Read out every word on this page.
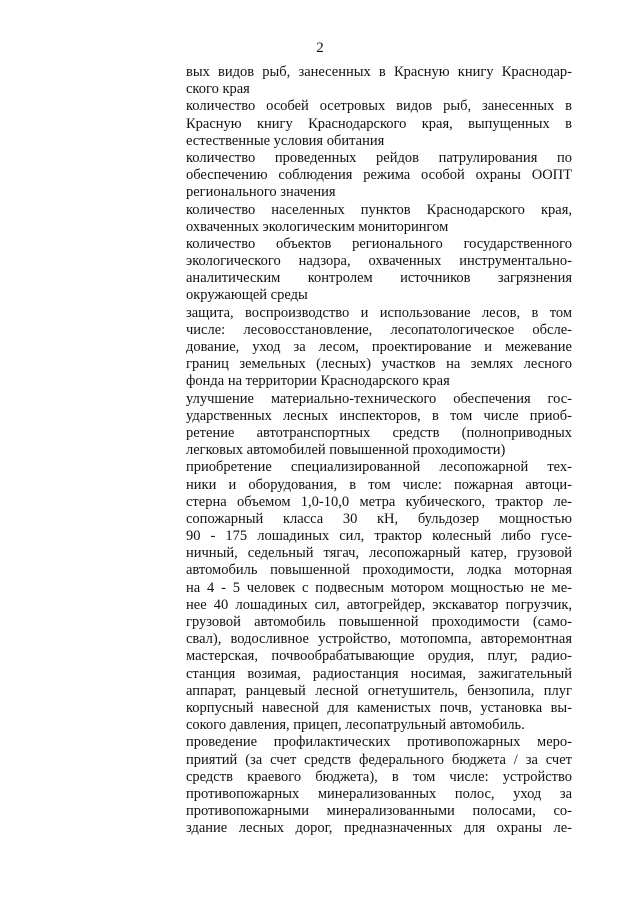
2
вых видов рыб, занесенных в Красную книгу Краснодар-
ского края
количество особей осетровых видов рыб, занесенных в
Красную книгу Краснодарского края, выпущенных в
естественные условия обитания
количество проведенных рейдов патрулирования по
обеспечению соблюдения режима особой охраны ООПТ
регионального значения
количество населенных пунктов Краснодарского края,
охваченных экологическим мониторингом
количество объектов регионального государственного
экологического надзора, охваченных инструментально-
аналитическим контролем источников загрязнения
окружающей среды
защита, воспроизводство и использование лесов, в том
числе: лесовосстановление, лесопатологическое обсле-
дование, уход за лесом, проектирование и межевание
границ земельных (лесных) участков на землях лесного
фонда на территории Краснодарского края
улучшение материально-технического обеспечения гос-
ударственных лесных инспекторов, в том числе приоб-
ретение автотранспортных средств (полноприводных
легковых автомобилей повышенной проходимости)
приобретение специализированной лесопожарной тех-
ники и оборудования, в том числе: пожарная автоци-
стерна объемом 1,0-10,0 метра кубического, трактор ле-
сопожарный класса 30 кН, бульдозер мощностью
90 - 175 лошадиных сил, трактор колесный либо гусе-
ничный, седельный тягач, лесопожарный катер, грузовой
автомобиль повышенной проходимости, лодка моторная
на 4 - 5 человек с подвесным мотором мощностью не ме-
нее 40 лошадиных сил, автогрейдер, экскаватор погрузчик,
грузовой автомобиль повышенной проходимости (само-
свал), водосливное устройство, мотопомпа, авторемонтная
мастерская, почвообрабатывающие орудия, плуг, радио-
станция возимая, радиостанция носимая, зажигательный
аппарат, ранцевый лесной огнетушитель, бензопила, плуг
корпусный навесной для каменистых почв, установка вы-
сокого давления, прицеп, лесопатрульный автомобиль.
проведение профилактических противопожарных меро-
приятий (за счет средств федерального бюджета / за счет
средств краевого бюджета), в том числе: устройство
противопожарных минерализованных полос, уход за
противопожарными минерализованными полосами, со-
здание лесных дорог, предназначенных для охраны ле-
